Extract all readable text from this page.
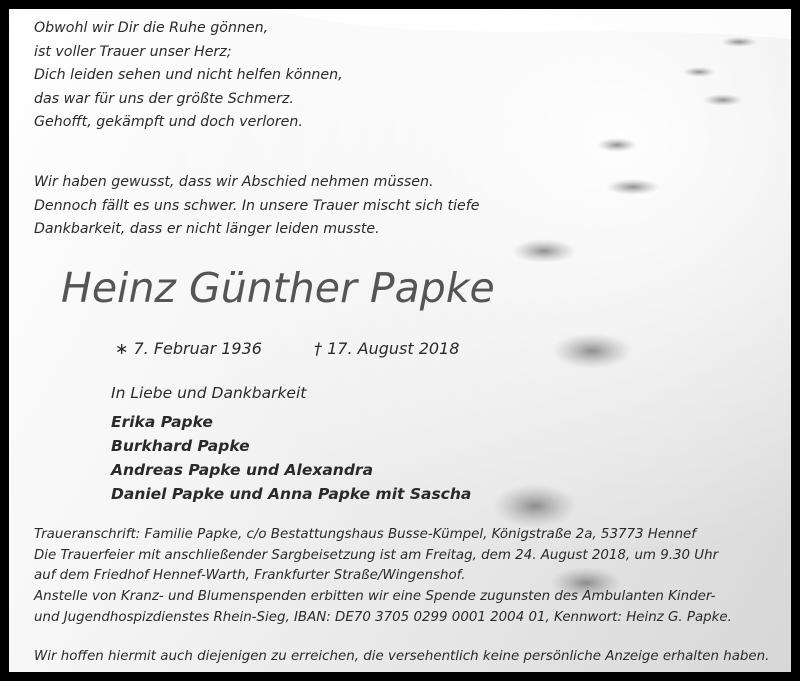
Obwohl wir Dir die Ruhe gönnen,
ist voller Trauer unser Herz;
Dich leiden sehen und nicht helfen können,
das war für uns der größte Schmerz.
Gehofft, gekämpft und doch verloren.

Wir haben gewusst, dass wir Abschied nehmen müssen.
Dennoch fällt es uns schwer. In unsere Trauer mischt sich tiefe
Dankbarkeit, dass er nicht länger leiden musste.

Heinz Günther Papke
∗ 7. Februar 1936	† 17. August 2018
In Liebe und Dankbarkeit
Erika Papke
Burkhard Papke
Andreas Papke und Alexandra
Daniel Papke und Anna Papke mit Sascha

Traueranschrift: Familie Papke, c/o Bestattungshaus Busse-Kümpel, Königstraße 2a, 53773 Hennef
Die Trauerfeier mit anschließender Sargbeisetzung ist am Freitag, dem 24. August 2018, um 9.30 Uhr
auf dem Friedhof Hennef-Warth, Frankfurter Straße/Wingenshof.

Anstelle von Kranz- und Blumenspenden erbitten wir eine Spende zugunsten des Ambulanten Kinder-
und Jugendhospizdienstes Rhein-Sieg, IBAN: DE70 3705 0299 0001 2004 01, Kennwort: Heinz G. Papke.

Wir hoffen hiermit auch diejenigen zu erreichen, die versehentlich keine persönliche Anzeige erhalten haben.
